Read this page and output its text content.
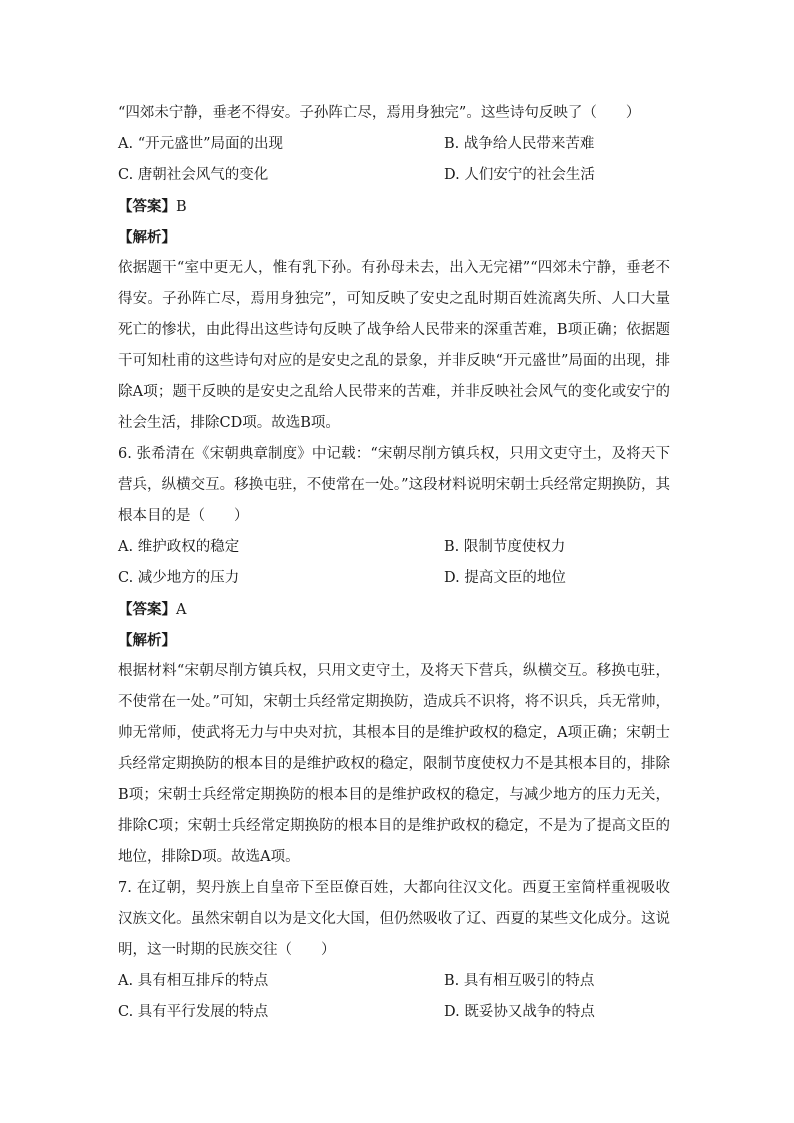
“四郊未宁静，垂老不得安。子孙阵亡尽，焉用身独完”。这些诗句反映了（　　）
A. “开元盛世”局面的出现	B. 战争给人民带来苦难
C. 唐朝社会风气的变化	D. 人们安宁的社会生活
【答案】B
【解析】
依据题干“室中更无人，惟有乳下孙。有孙母未去，出入无完裙”“四郊未宁静，垂老不得安。子孙阵亡尽，焉用身独完”，可知反映了安史之乱时期百姓流离失所、人口大量死亡的惨状，由此得出这些诗句反映了战争给人民带来的深重苦难，B项正确；依据题干可知杜甫的这些诗句对应的是安史之乱的景象，并非反映“开元盛世”局面的出现，排除A项；题干反映的是安史之乱给人民带来的苦难，并非反映社会风气的变化或安宁的社会生活，排除CD项。故选B项。
6. 张希清在《宋朝典章制度》中记载：“宋朝尽削方镇兵权，只用文吏守土，及将天下营兵，纵横交互。移换屯驻，不使常在一处。”这段材料说明宋朝士兵经常定期换防，其根本目的是（　　）
A. 维护政权的稳定	B. 限制节度使权力
C. 减少地方的压力	D. 提高文臣的地位
【答案】A
【解析】
根据材料“宋朝尽削方镇兵权，只用文吏守土，及将天下营兵，纵横交互。移换屯驻，不使常在一处。”可知，宋朝士兵经常定期换防，造成兵不识将，将不识兵，兵无常帅，帅无常师，使武将无力与中央对抗，其根本目的是维护政权的稳定，A项正确；宋朝士兵经常定期换防的根本目的是维护政权的稳定，限制节度使权力不是其根本目的，排除B项；宋朝士兵经常定期换防的根本目的是维护政权的稳定，与减少地方的压力无关，排除C项；宋朝士兵经常定期换防的根本目的是维护政权的稳定，不是为了提高文臣的地位，排除D项。故选A项。
7. 在辽朝，契丹族上自皇帝下至臣僚百姓，大都向往汉文化。西夏王室简样重视吸收汉族文化。虽然宋朝自以为是文化大国，但仍然吸收了辽、西夏的某些文化成分。这说明，这一时期的民族交往（　　）
A. 具有相互排斥的特点	B. 具有相互吸引的特点
C. 具有平行发展的特点	D. 既妥协又战争的特点
